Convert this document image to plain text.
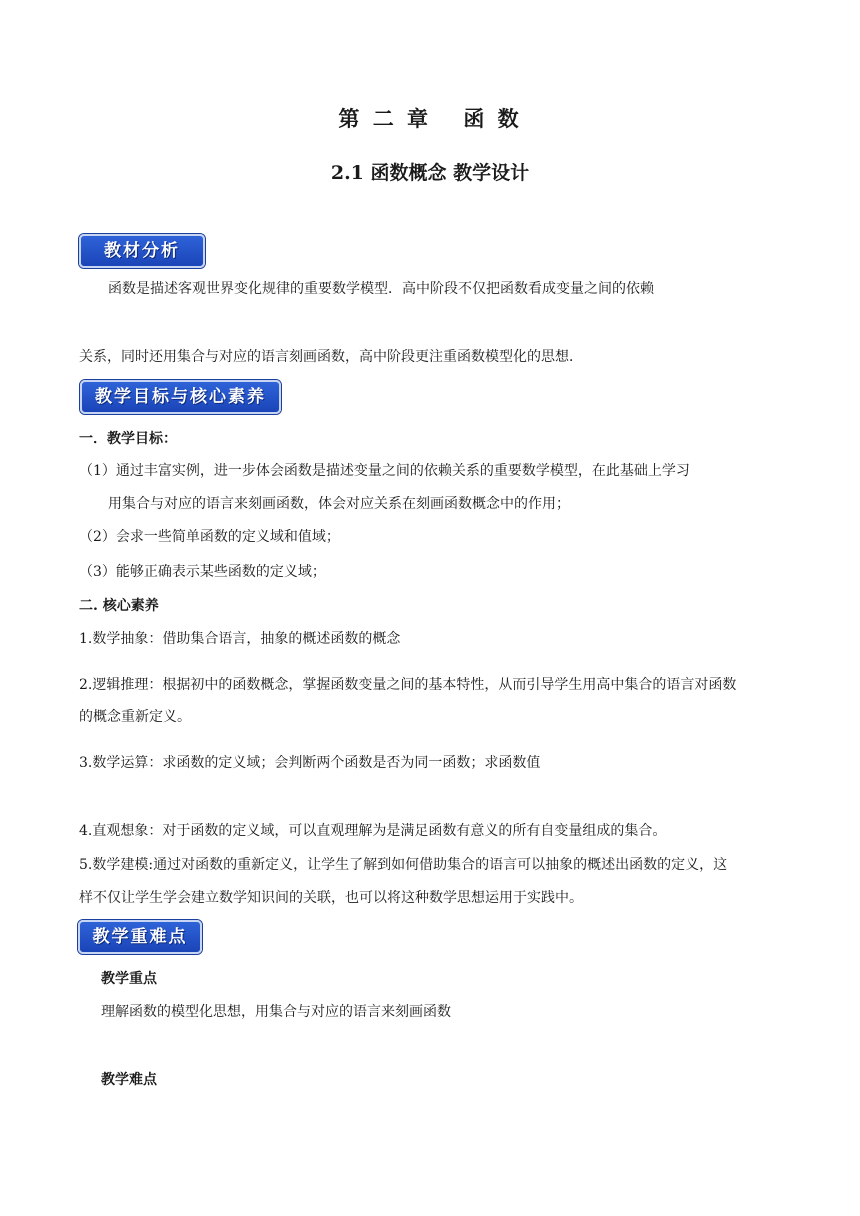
第 二 章 函 数
2.1 函数概念 教学设计
教材分析
函数是描述客观世界变化规律的重要数学模型．高中阶段不仅把函数看成变量之间的依赖
关系，同时还用集合与对应的语言刻画函数，高中阶段更注重函数模型化的思想．
教学目标与核心素养
一．教学目标：
（1）通过丰富实例，进一步体会函数是描述变量之间的依赖关系的重要数学模型，在此基础上学习
用集合与对应的语言来刻画函数，体会对应关系在刻画函数概念中的作用；
（2）会求一些简单函数的定义域和值域；
（3）能够正确表示某些函数的定义域；
二. 核心素养
1.数学抽象：借助集合语言，抽象的概述函数的概念
2.逻辑推理：根据初中的函数概念，掌握函数变量之间的基本特性，从而引导学生用高中集合的语言对函数
的概念重新定义。
3.数学运算：求函数的定义域；会判断两个函数是否为同一函数；求函数值
4.直观想象：对于函数的定义域，可以直观理解为是满足函数有意义的所有自变量组成的集合。
5.数学建模:通过对函数的重新定义，让学生了解到如何借助集合的语言可以抽象的概述出函数的定义，这
样不仅让学生学会建立数学知识间的关联，也可以将这种数学思想运用于实践中。
教学重难点
教学重点
理解函数的模型化思想，用集合与对应的语言来刻画函数
教学难点
